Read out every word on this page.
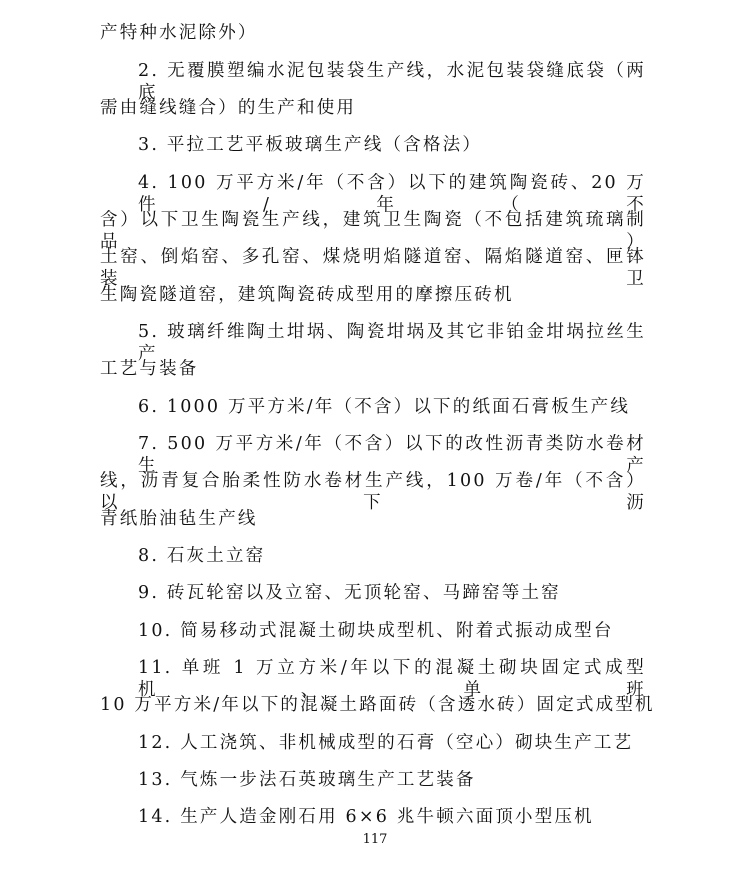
产特种水泥除外）
2. 无覆膜塑编水泥包装袋生产线，水泥包装袋缝底袋（两底
需由缝线缝合）的生产和使用
3. 平拉工艺平板玻璃生产线（含格法）
4. 100 万平方米/年（不含）以下的建筑陶瓷砖、20 万件/年（不
含）以下卫生陶瓷生产线，建筑卫生陶瓷（不包括建筑琉璃制品）
土窑、倒焰窑、多孔窑、煤烧明焰隧道窑、隔焰隧道窑、匣钵装卫
生陶瓷隧道窑，建筑陶瓷砖成型用的摩擦压砖机
5. 玻璃纤维陶土坩埚、陶瓷坩埚及其它非铂金坩埚拉丝生产
工艺与装备
6. 1000 万平方米/年（不含）以下的纸面石膏板生产线
7. 500 万平方米/年（不含）以下的改性沥青类防水卷材生产
线，沥青复合胎柔性防水卷材生产线，100 万卷/年（不含）以下沥
青纸胎油毡生产线
8. 石灰土立窑
9. 砖瓦轮窑以及立窑、无顶轮窑、马蹄窑等土窑
10. 简易移动式混凝土砌块成型机、附着式振动成型台
11. 单班 1 万立方米/年以下的混凝土砌块固定式成型机、单班
10 万平方米/年以下的混凝土路面砖（含透水砖）固定式成型机
12. 人工浇筑、非机械成型的石膏（空心）砌块生产工艺
13. 气炼一步法石英玻璃生产工艺装备
14. 生产人造金刚石用 6×6 兆牛顿六面顶小型压机
117
